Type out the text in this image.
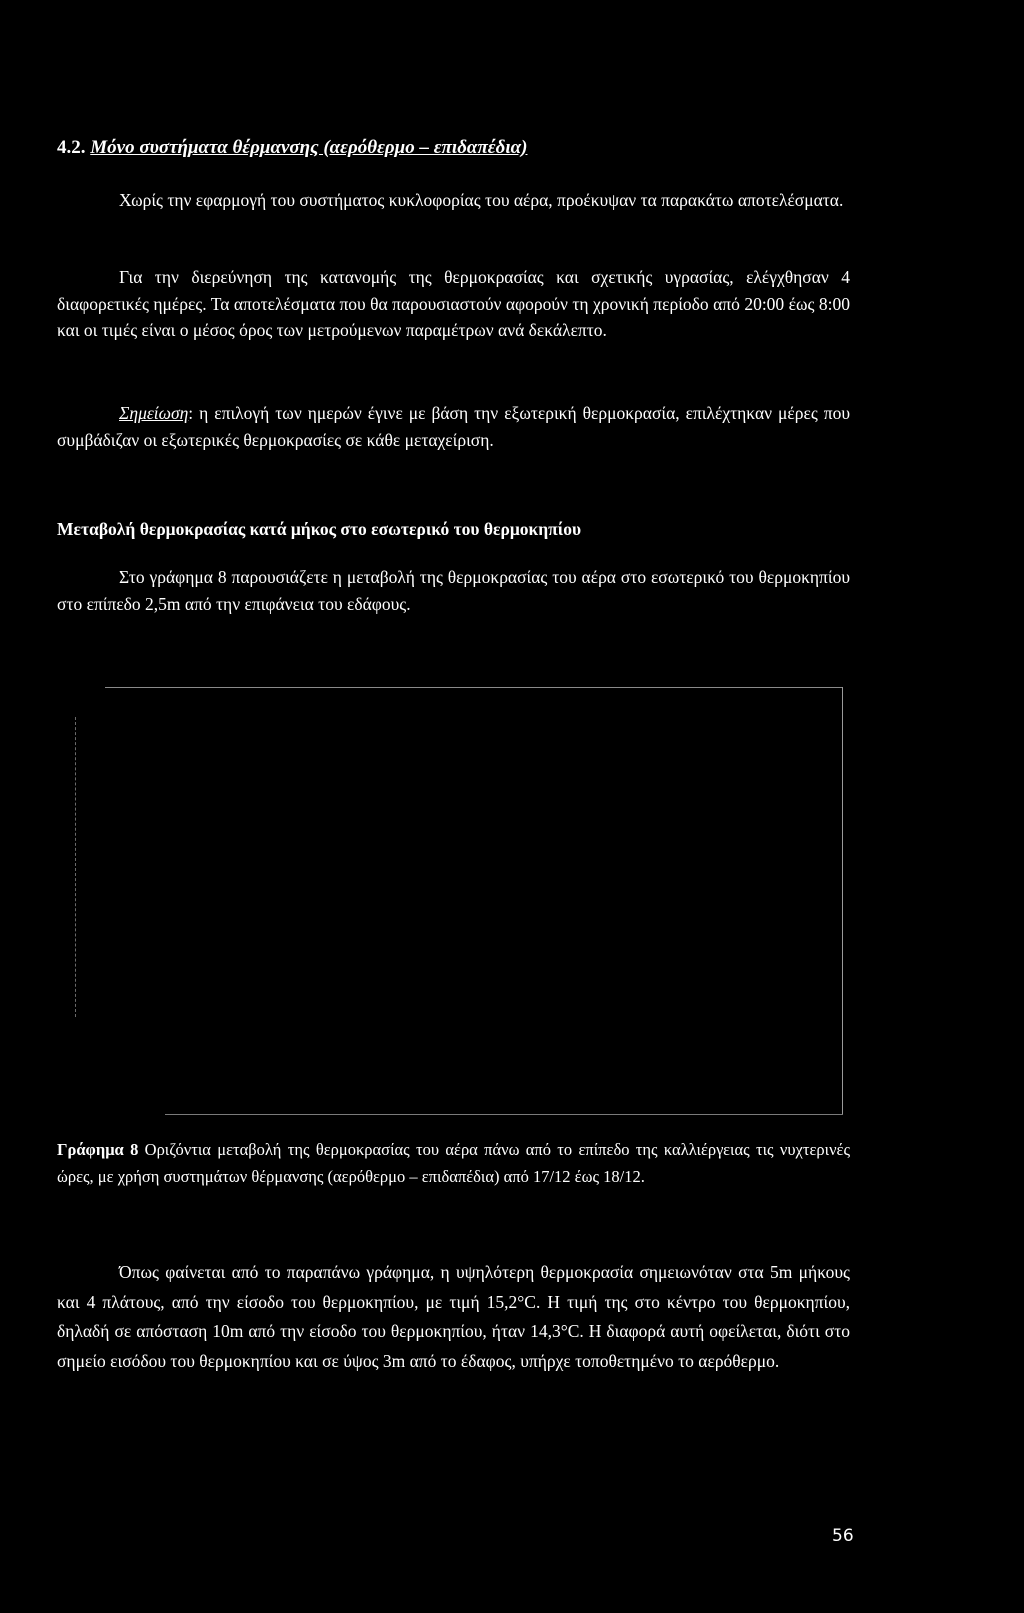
4.2. Μόνο συστήματα θέρμανσης (αερόθερμο – επιδαπέδια)

Χωρίς την εφαρμογή του συστήματος κυκλοφορίας του αέρα, προέκυψαν τα παρακάτω αποτελέσματα.

Για την διερεύνηση της κατανομής της θερμοκρασίας και σχετικής υγρασίας, ελέγχθησαν 4 διαφορετικές ημέρες. Τα αποτελέσματα που θα παρουσιαστούν αφορούν τη χρονική περίοδο από 20:00 έως 8:00 και οι τιμές είναι ο μέσος όρος των μετρούμενων παραμέτρων ανά δεκάλεπτο.

Σημείωση: η επιλογή των ημερών έγινε με βάση την εξωτερική θερμοκρασία, επιλέχτηκαν μέρες που συμβάδιζαν οι εξωτερικές θερμοκρασίες σε κάθε μεταχείριση.

Μεταβολή θερμοκρασίας κατά μήκος στο εσωτερικό του θερμοκηπίου

Στο γράφημα 8 παρουσιάζετε η μεταβολή της θερμοκρασίας του αέρα στο εσωτερικό του θερμοκηπίου στο επίπεδο 2,5m από την επιφάνεια του εδάφους.

Γράφημα 8 Οριζόντια μεταβολή της θερμοκρασίας του αέρα πάνω από το επίπεδο της καλλιέργειας τις νυχτερινές ώρες, με χρήση συστημάτων θέρμανσης (αερόθερμο – επιδαπέδια) από 17/12 έως 18/12.

Όπως φαίνεται από το παραπάνω γράφημα, η υψηλότερη θερμοκρασία σημειωνόταν στα 5m μήκους και 4 πλάτους, από την είσοδο του θερμοκηπίου, με τιμή 15,2°C. Η τιμή της στο κέντρο του θερμοκηπίου, δηλαδή σε απόσταση 10m από την είσοδο του θερμοκηπίου, ήταν 14,3°C. Η διαφορά αυτή οφείλεται, διότι στο σημείο εισόδου του θερμοκηπίου και σε ύψος 3m από το έδαφος, υπήρχε τοποθετημένο το αερόθερμο.

56
